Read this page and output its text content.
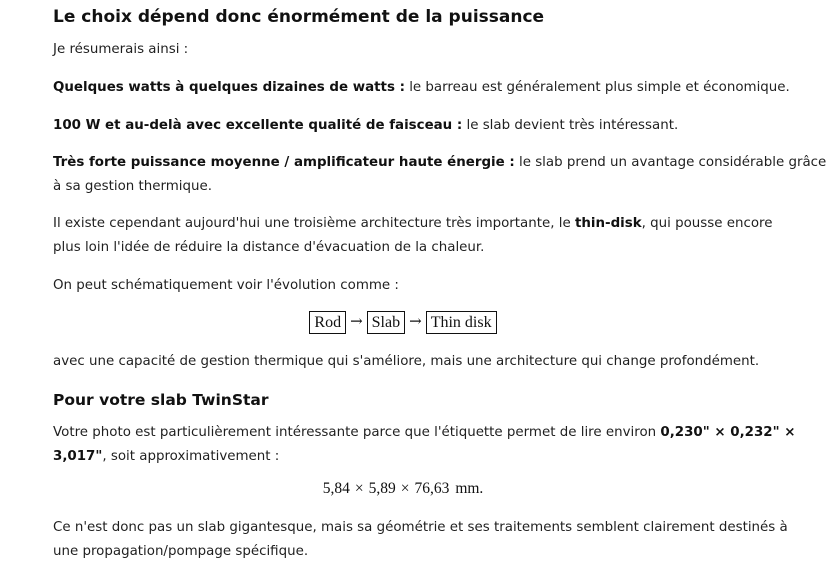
Le choix dépend donc énormément de la puissance

Je résumerais ainsi :

Quelques watts à quelques dizaines de watts : le barreau est généralement plus simple et économique.

100 W et au-delà avec excellente qualité de faisceau : le slab devient très intéressant.

Très forte puissance moyenne / amplificateur haute énergie : le slab prend un avantage considérable grâce
à sa gestion thermique.

Il existe cependant aujourd'hui une troisième architecture très importante, le thin-disk, qui pousse encore
plus loin l'idée de réduire la distance d'évacuation de la chaleur.

On peut schématiquement voir l'évolution comme :

Rod → Slab → Thin disk

avec une capacité de gestion thermique qui s'améliore, mais une architecture qui change profondément.

Pour votre slab TwinStar

Votre photo est particulièrement intéressante parce que l'étiquette permet de lire environ 0,230" × 0,232" ×
3,017", soit approximativement :

5,84 × 5,89 × 76,63 mm.

Ce n'est donc pas un slab gigantesque, mais sa géométrie et ses traitements semblent clairement destinés à
une propagation/pompage spécifique.
